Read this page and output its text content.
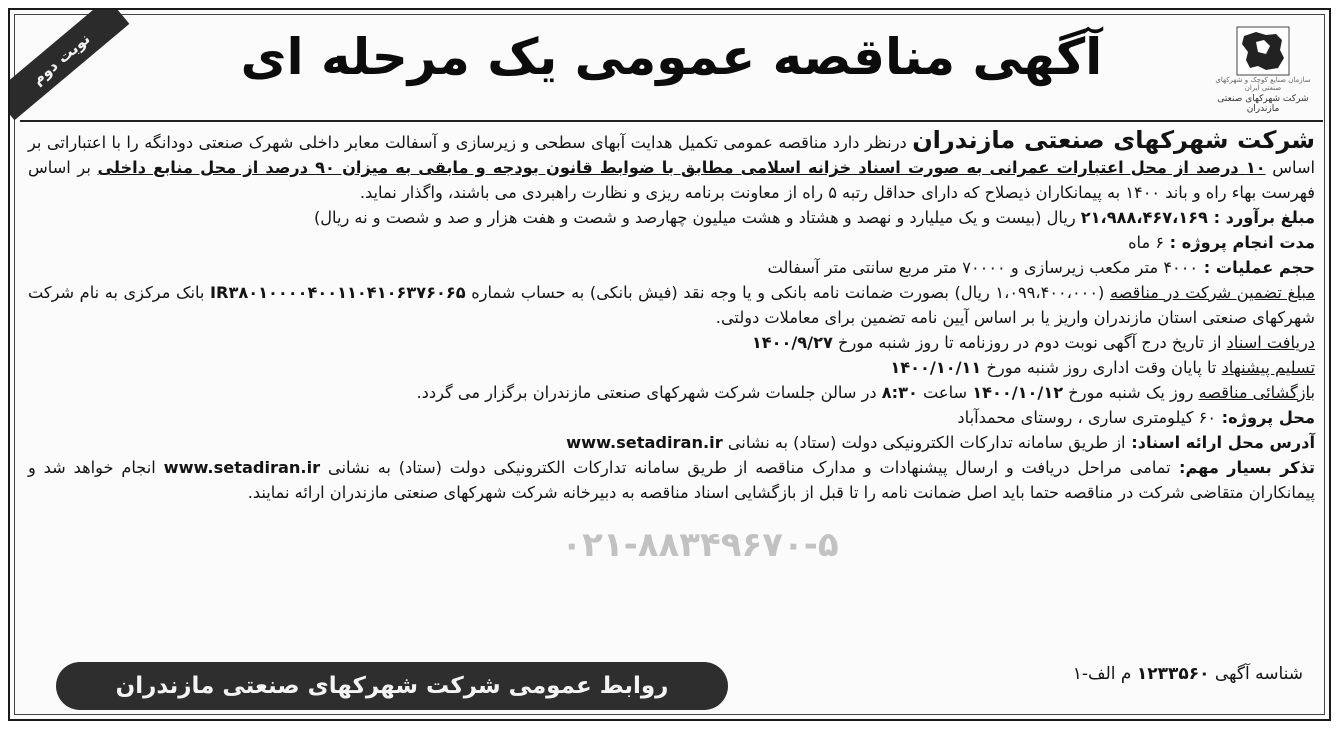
نوبت دوم	آگهی مناقصه عمومی یک مرحله ای	سازمان صنایع کوچک و شهرکهای صنعتی ایران
شرکت شهرکهای صنعتی مازندران
۰۲۱-۸۸۳۴۹۶۷۰-۵

شرکت شهرکهای صنعتی مازندران درنظر دارد مناقصه عمومی تکمیل هدایت آبهای سطحی و زیرسازی و آسفالت معابر داخلی شهرک صنعتی دودانگه را با اعتباراتی بر اساس ۱۰ درصد از محل اعتبارات عمرانی به صورت اسناد خزانه اسلامی مطابق با ضوابط قانون بودجه و مابقی به میزان ۹۰ درصد از محل منابع داخلی بر اساس فهرست بهاء راه و باند ۱۴۰۰ به پیمانکاران ذیصلاح که دارای حداقل رتبه ۵ راه از معاونت برنامه ریزی و نظارت راهبردی می باشند، واگذار نماید.

مبلغ برآورد : ۲۱،۹۸۸،۴۶۷،۱۶۹ ریال (بیست و یک میلیارد و نهصد و هشتاد و هشت میلیون چهارصد و شصت و هفت هزار و صد و شصت و نه ریال)

مدت انجام پروژه : ۶ ماه

حجم عملیات : ۴۰۰۰ متر مکعب زیرسازی و ۷۰۰۰۰ متر مربع سانتی متر آسفالت

مبلغ تضمین شرکت در مناقصه (۱،۰۹۹،۴۰۰،۰۰۰ ریال) بصورت ضمانت نامه بانکی و یا وجه نقد (فیش بانکی) به حساب شماره IR۳۸۰۱۰۰۰۰۴۰۰۱۱۰۴۱۰۶۳۷۶۰۶۵ بانک مرکزی به نام شرکت شهرکهای صنعتی استان مازندران واریز یا بر اساس آیین نامه تضمین برای معاملات دولتی.

دریافت اسناد از تاریخ درج آگهی نوبت دوم در روزنامه تا روز شنبه مورخ ۱۴۰۰/۹/۲۷

تسلیم پیشنهاد تا پایان وقت اداری روز شنبه مورخ ۱۴۰۰/۱۰/۱۱

بازگشائی مناقصه روز یک شنبه مورخ ۱۴۰۰/۱۰/۱۲ ساعت ۸:۳۰ در سالن جلسات شرکت شهرکهای صنعتی مازندران برگزار می گردد.

محل پروژه: ۶۰ کیلومتری ساری ، روستای محمدآباد

آدرس محل ارائه اسناد: از طریق سامانه تدارکات الکترونیکی دولت (ستاد) به نشانی www.setadiran.ir

تذکر بسیار مهم: تمامی مراحل دریافت و ارسال پیشنهادات و مدارک مناقصه از طریق سامانه تدارکات الکترونیکی دولت (ستاد) به نشانی www.setadiran.ir انجام خواهد شد و پیمانکاران متقاضی شرکت در مناقصه حتما باید اصل ضمانت نامه را تا قبل از بازگشایی اسناد مناقصه به دبیرخانه شرکت شهرکهای صنعتی مازندران ارائه نمایند.

شناسه آگهی ۱۲۳۳۵۶۰ م الف-۱
روابط عمومی شرکت شهرکهای صنعتی مازندران
